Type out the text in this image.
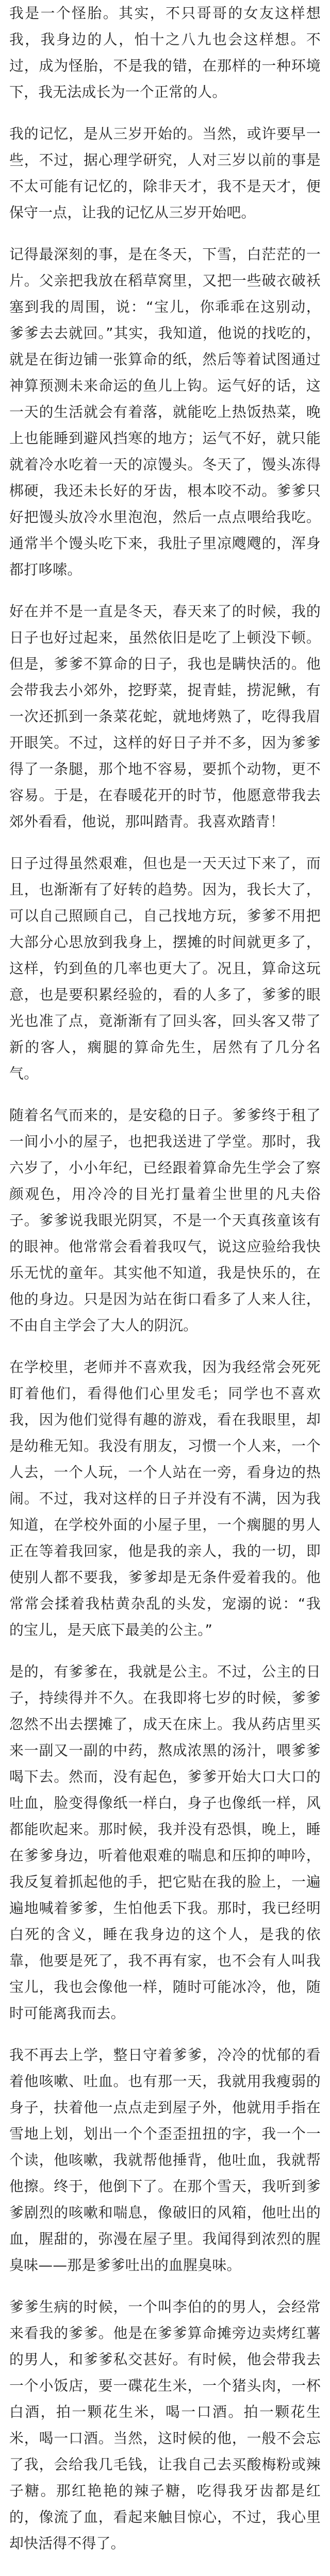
我是一个怪胎。其实，不只哥哥的女友这样想我，我身边的人，怕十之八九也会这样想。不过，成为怪胎，不是我的错，在那样的一种环境下，我无法成长为一个正常的人。

我的记忆，是从三岁开始的。当然，或许要早一些，不过，据心理学研究，人对三岁以前的事是不太可能有记忆的，除非天才，我不是天才，便保守一点，让我的记忆从三岁开始吧。

记得最深刻的事，是在冬天，下雪，白茫茫的一片。父亲把我放在稻草窝里，又把一些破衣破袄塞到我的周围，说：“宝儿，你乖乖在这别动，爹爹去去就回。”其实，我知道，他说的找吃的，就是在街边铺一张算命的纸，然后等着试图通过神算预测未来命运的鱼儿上钩。运气好的话，这一天的生活就会有着落，就能吃上热饭热菜，晚上也能睡到避风挡寒的地方；运气不好，就只能就着冷水吃着一天的凉馒头。冬天了，馒头冻得梆硬，我还未长好的牙齿，根本咬不动。爹爹只好把馒头放冷水里泡泡，然后一点点喂给我吃。通常半个馒头吃下来，我肚子里凉飕飕的，浑身都打哆嗦。

好在并不是一直是冬天，春天来了的时候，我的日子也好过起来，虽然依旧是吃了上顿没下顿。但是，爹爹不算命的日子，我也是瞒快活的。他会带我去小郊外，挖野菜，捉青蛙，捞泥鳅，有一次还抓到一条菜花蛇，就地烤熟了，吃得我眉开眼笑。不过，这样的好日子并不多，因为爹爹得了一条腿，那个地不容易，要抓个动物，更不容易。于是，在春暖花开的时节，他愿意带我去郊外看看，他说，那叫踏青。我喜欢踏青！

日子过得虽然艰难，但也是一天天过下来了，而且，也渐渐有了好转的趋势。因为，我长大了，可以自己照顾自己，自己找地方玩，爹爹不用把大部分心思放到我身上，摆摊的时间就更多了，这样，钓到鱼的几率也更大了。况且，算命这玩意，也是要积累经验的，看的人多了，爹爹的眼光也准了点，竟渐渐有了回头客，回头客又带了新的客人，瘸腿的算命先生，居然有了几分名气。

随着名气而来的，是安稳的日子。爹爹终于租了一间小小的屋子，也把我送进了学堂。那时，我六岁了，小小年纪，已经跟着算命先生学会了察颜观色，用冷冷的目光打量着尘世里的凡夫俗子。爹爹说我眼光阴冥，不是一个天真孩童该有的眼神。他常常会看着我叹气，说这应验给我快乐无忧的童年。其实他不知道，我是快乐的，在他的身边。只是因为站在街口看多了人来人往，不由自主学会了大人的阴沉。

在学校里，老师并不喜欢我，因为我经常会死死盯着他们，看得他们心里发毛；同学也不喜欢我，因为他们觉得有趣的游戏，看在我眼里，却是幼稚无知。我没有朋友，习惯一个人来，一个人去，一个人玩，一个人站在一旁，看身边的热闹。不过，我对这样的日子并没有不满，因为我知道，在学校外面的小屋子里，一个瘸腿的男人正在等着我回家，他是我的亲人，我的一切，即使别人都不要我，爹爹却是无条件爱着我的。他常常会揉着我枯黄杂乱的头发，宠溺的说：“我的宝儿，是天底下最美的公主。”

是的，有爹爹在，我就是公主。不过，公主的日子，持续得并不久。在我即将七岁的时候，爹爹忽然不出去摆摊了，成天在床上。我从药店里买来一副又一副的中药，熬成浓黑的汤汁，喂爹爹喝下去。然而，没有起色，爹爹开始大口大口的吐血，脸变得像纸一样白，身子也像纸一样，风都能吹起来。那时候，我并没有恐惧，晚上，睡在爹爹身边，听着他艰难的喘息和压抑的呻吟，我反复着抓起他的手，把它贴在我的脸上，一遍遍地喊着爹爹，生怕他丢下我。那时，我已经明白死的含义，睡在我身边的这个人，是我的依靠，他要是死了，我不再有家，也不会有人叫我宝儿，我也会像他一样，随时可能冰冷，他，随时可能离我而去。

我不再去上学，整日守着爹爹，冷冷的忧郁的看着他咳嗽、吐血。也有那一天，我就用我瘦弱的身子，扶着他一点点走到屋子外，他就用手指在雪地上划，划出一个个歪歪扭扭的字，我一个一个读，他咳嗽，我就帮他捶背，他吐血，我就帮他擦。终于，他倒下了。在那个雪天，我听到爹爹剧烈的咳嗽和喘息，像破旧的风箱，他吐出的血，腥甜的，弥漫在屋子里。我闻得到浓烈的腥臭味——那是爹爹吐出的血腥臭味。

爹爹生病的时候，一个叫李伯的的男人，会经常来看我的爹爹。他是在爹爹算命摊旁边卖烤红薯的男人，和爹爹私交甚好。有时候，他会带我去一个小饭店，要一碟花生米，一个猪头肉，一杯白酒，拍一颗花生米，喝一口酒。拍一颗花生米，喝一口酒。当然，这时候的他，一般不会忘了我，会给我几毛钱，让我自己去买酸梅粉或辣子糖。那红艳艳的辣子糖，吃得我牙齿都是红的，像流了血，看起来触目惊心，不过，我心里却快活得不得了。
